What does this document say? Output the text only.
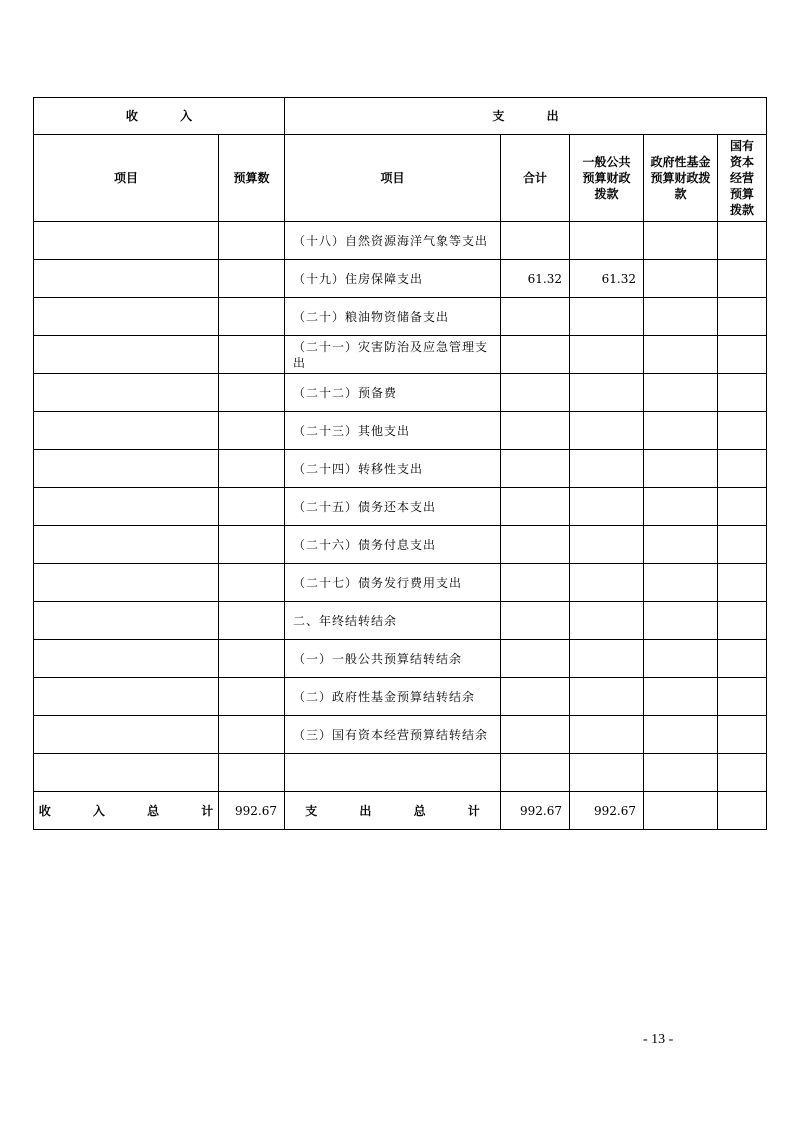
收 入		支 出				
项目	预算数	项目	合计	一般公共预算财政拨款	政府性基金预算财政拨款	国有资本经营预算拨款

		（十八）自然资源海洋气象等支出				
		（十九）住房保障支出	61.32	61.32		
		（二十）粮油物资储备支出				
		（二十一）灾害防治及应急管理支出				
		（二十二）预备费				
		（二十三）其他支出				
		（二十四）转移性支出				
		（二十五）债务还本支出				
		（二十六）债务付息支出				
		（二十七）债务发行费用支出				
		二、年终结转结余				
		（一）一般公共预算结转结余				
		（二）政府性基金预算结转结余				
		（三）国有资本经营预算结转结余				

收 入 总 计	992.67	支 出 总 计	992.67	992.67		
- 13 -
